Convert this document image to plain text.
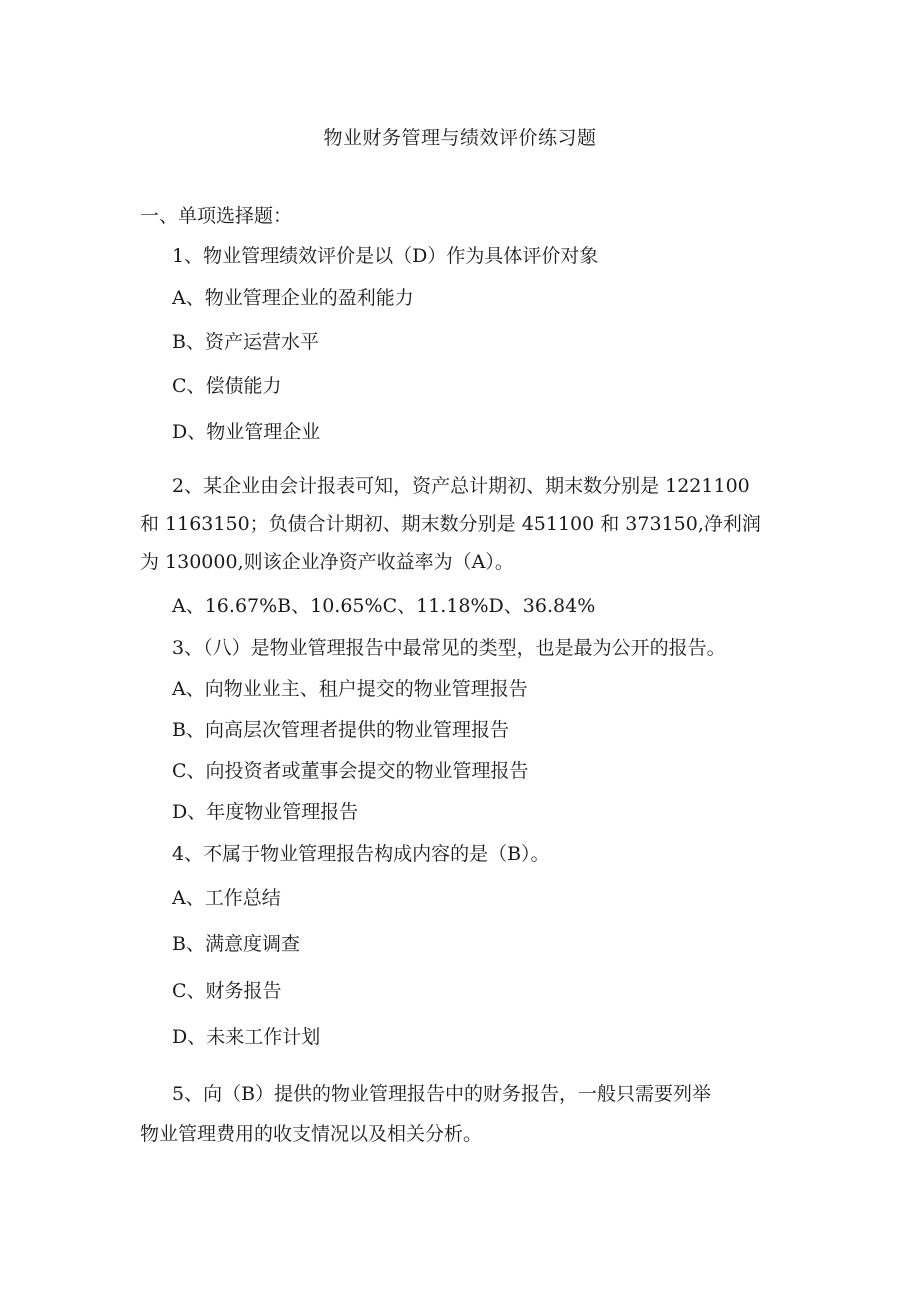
物业财务管理与绩效评价练习题

一、单项选择题：

1、物业管理绩效评价是以（D）作为具体评价对象

A、物业管理企业的盈利能力

B、资产运营水平

C、偿债能力

D、物业管理企业

2、某企业由会计报表可知，资产总计期初、期末数分别是 1221100

和 1163150；负债合计期初、期末数分别是 451100 和 373150,净利润

为 130000,则该企业净资产收益率为（A）。

A、16.67%B、10.65%C、11.18%D、36.84%

3、（八）是物业管理报告中最常见的类型，也是最为公开的报告。

A、向物业业主、租户提交的物业管理报告

B、向高层次管理者提供的物业管理报告

C、向投资者或董事会提交的物业管理报告

D、年度物业管理报告

4、不属于物业管理报告构成内容的是（B）。

A、工作总结

B、满意度调查

C、财务报告

D、未来工作计划

5、向（B）提供的物业管理报告中的财务报告，一般只需要列举

物业管理费用的收支情况以及相关分析。
